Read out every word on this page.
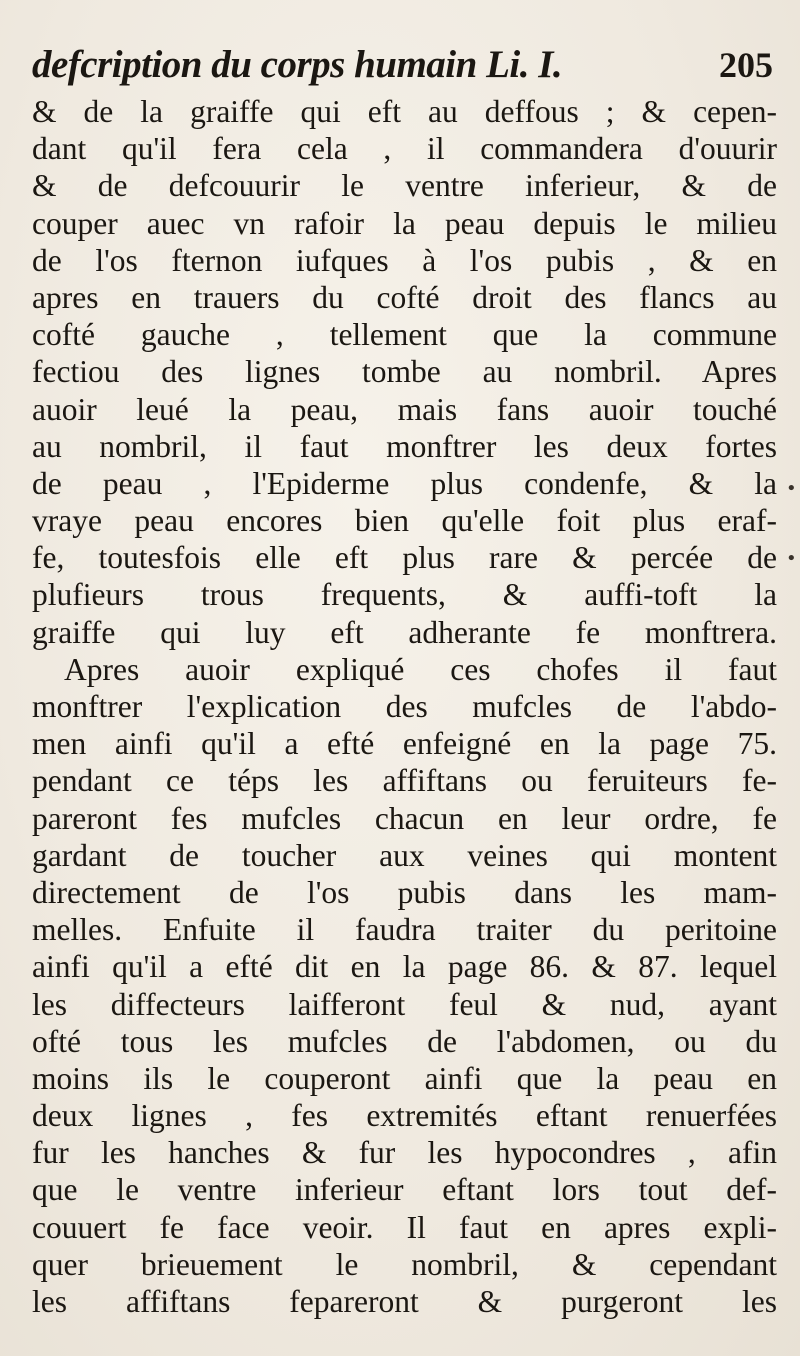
defcription du corps humain Li. I.	205
& de la graiffe qui eft au deffous ; & cepen-
dant qu'il fera cela , il commandera d'ouurir
& de defcouurir le ventre inferieur, & de
couper auec vn rafoir la peau depuis le milieu
de l'os fternon iufques à l'os pubis , & en
apres en trauers du cofté droit des flancs au
cofté gauche , tellement que la commune
fectiou des lignes tombe au nombril. Apres
auoir leué la peau, mais fans auoir touché
au nombril, il faut monftrer les deux fortes
de peau , l'Epiderme plus condenfe, & la
vraye peau encores bien qu'elle foit plus eraf-
fe, toutesfois elle eft plus rare & percée de
plufieurs trous frequents, & auffi-toft la
graiffe qui luy eft adherante fe monftrera.
Apres auoir expliqué ces chofes il faut
monftrer l'explication des mufcles de l'abdo-
men ainfi qu'il a efté enfeigné en la page 75.
pendant ce téps les affiftans ou feruiteurs fe-
pareront fes mufcles chacun en leur ordre, fe
gardant de toucher aux veines qui montent
directement de l'os pubis dans les mam-
melles. Enfuite il faudra traiter du peritoine
ainfi qu'il a efté dit en la page 86. & 87. lequel
les diffecteurs laifferont feul & nud, ayant
ofté tous les mufcles de l'abdomen, ou du
moins ils le couperont ainfi que la peau en
deux lignes , fes extremités eftant renuerfées
fur les hanches & fur les hypocondres , afin
que le ventre inferieur eftant lors tout def-
couuert fe face veoir. Il faut en apres expli-
quer brieuement le nombril, & cependant
les affiftans fepareront & purgeront les
•
•
